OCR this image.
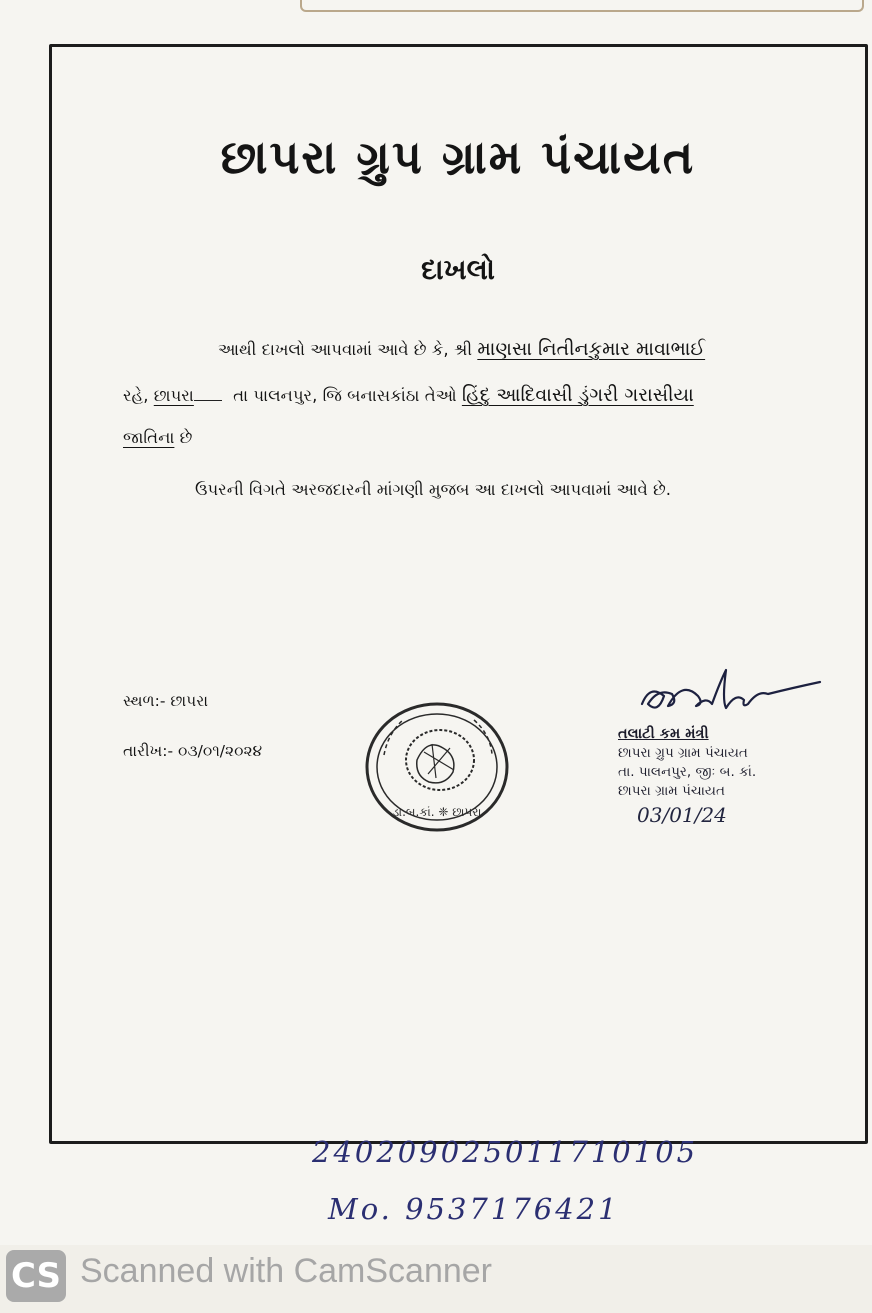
છાપરા ગ્રુપ ગ્રામ પંચાયત
દાખલો
આથી દાખલો આપવામાં આવે છે કે, શ્રી માણસા નિતીનકુમાર માવાભાઈ
રહે, છાપરા તા પાલનપુર, જિ બનાસકાંઠા તેઓ હિંદુ આદિવાસી ડુંગરી ગરાસીયા
જાતિના છે
ઉપરની વિગતે અરજદારની માંગણી મુજબ આ દાખલો આપવામાં આવે છે.
સ્થળ:- છાપરા
તારીખ:- ૦૩/૦૧/૨૦૨૪
ડા.બ.કાં. ❈ છાપરા
તલાટી કમ મંત્રી
છાપરા ગ્રુપ ગ્રામ પંચાયત
તા. પાલનપુર, જીઃ બ. કાં.
છાપરા ગ્રામ પંચાયત
03/01/24
240209025011710105
Mo. 9537176421
CS Scanned with CamScanner
